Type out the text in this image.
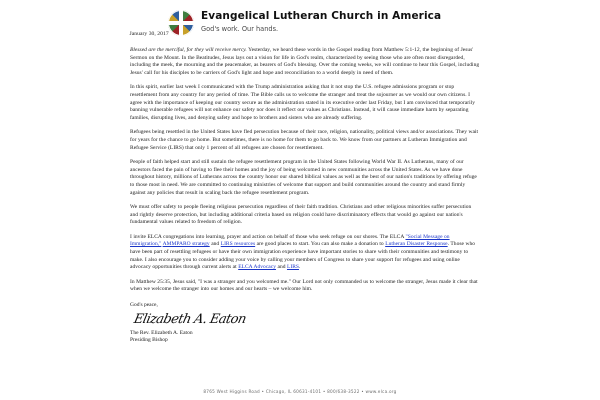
Evangelical Lutheran Church in America
God's work. Our hands.
January 30, 2017

Blessed are the merciful, for they will receive mercy. Yesterday, we heard these words in the Gospel reading from Matthew 5:1-12, the beginning of Jesus' Sermon on the Mount. In the Beatitudes, Jesus lays out a vision for life in God's realm, characterized by seeing those who are often most disregarded, including the meek, the mourning and the peacemaker, as bearers of God's blessing. Over the coming weeks, we will continue to hear this Gospel, including Jesus' call for his disciples to be carriers of God's light and hope and reconciliation to a world deeply in need of them.

In this spirit, earlier last week I communicated with the Trump administration asking that it not stop the U.S. refugee admissions program or stop resettlement from any country for any period of time. The Bible calls us to welcome the stranger and treat the sojourner as we would our own citizens. I agree with the importance of keeping our country secure as the administration stated in its executive order last Friday, but I am convinced that temporarily banning vulnerable refugees will not enhance our safety nor does it reflect our values as Christians. Instead, it will cause immediate harm by separating families, disrupting lives, and denying safety and hope to brothers and sisters who are already suffering.

Refugees being resettled in the United States have fled persecution because of their race, religion, nationality, political views and/or associations. They wait for years for the chance to go home. But sometimes, there is no home for them to go back to. We know from our partners at Lutheran Immigration and Refugee Service (LIRS) that only 1 percent of all refugees are chosen for resettlement.

People of faith helped start and still sustain the refugee resettlement program in the United States following World War II. As Lutherans, many of our ancestors faced the pain of having to flee their homes and the joy of being welcomed in new communities across the United States. As we have done throughout history, millions of Lutherans across the country honor our shared biblical values as well as the best of our nation's traditions by offering refuge to those most in need. We are committed to continuing ministries of welcome that support and build communities around the country and stand firmly against any policies that result in scaling back the refugee resettlement program.

We must offer safety to people fleeing religious persecution regardless of their faith tradition. Christians and other religious minorities suffer persecution and rightly deserve protection, but including additional criteria based on religion could have discriminatory effects that would go against our nation's fundamental values related to freedom of religion.

I invite ELCA congregations into learning, prayer and action on behalf of those who seek refuge on our shores. The ELCA "Social Message on Immigration," AMMPARO strategy and LIRS resources are good places to start. You can also make a donation to Lutheran Disaster Response. Those who have been part of resettling refugees or have their own immigration experience have important stories to share with their communities and testimony to make. I also encourage you to consider adding your voice by calling your members of Congress to share your support for refugees and using online advocacy opportunities through current alerts at ELCA Advocacy and LIRS.

In Matthew 25:35, Jesus said, "I was a stranger and you welcomed me." Our Lord not only commanded us to welcome the stranger, Jesus made it clear that when we welcome the stranger into our homes and our hearts – we welcome him.

God's peace,
Elizabeth A. Eaton
The Rev. Elizabeth A. Eaton
Presiding Bishop
8765 West Higgins Road • Chicago, IL 60631-4101 • 800/638-3522 • www.elca.org
